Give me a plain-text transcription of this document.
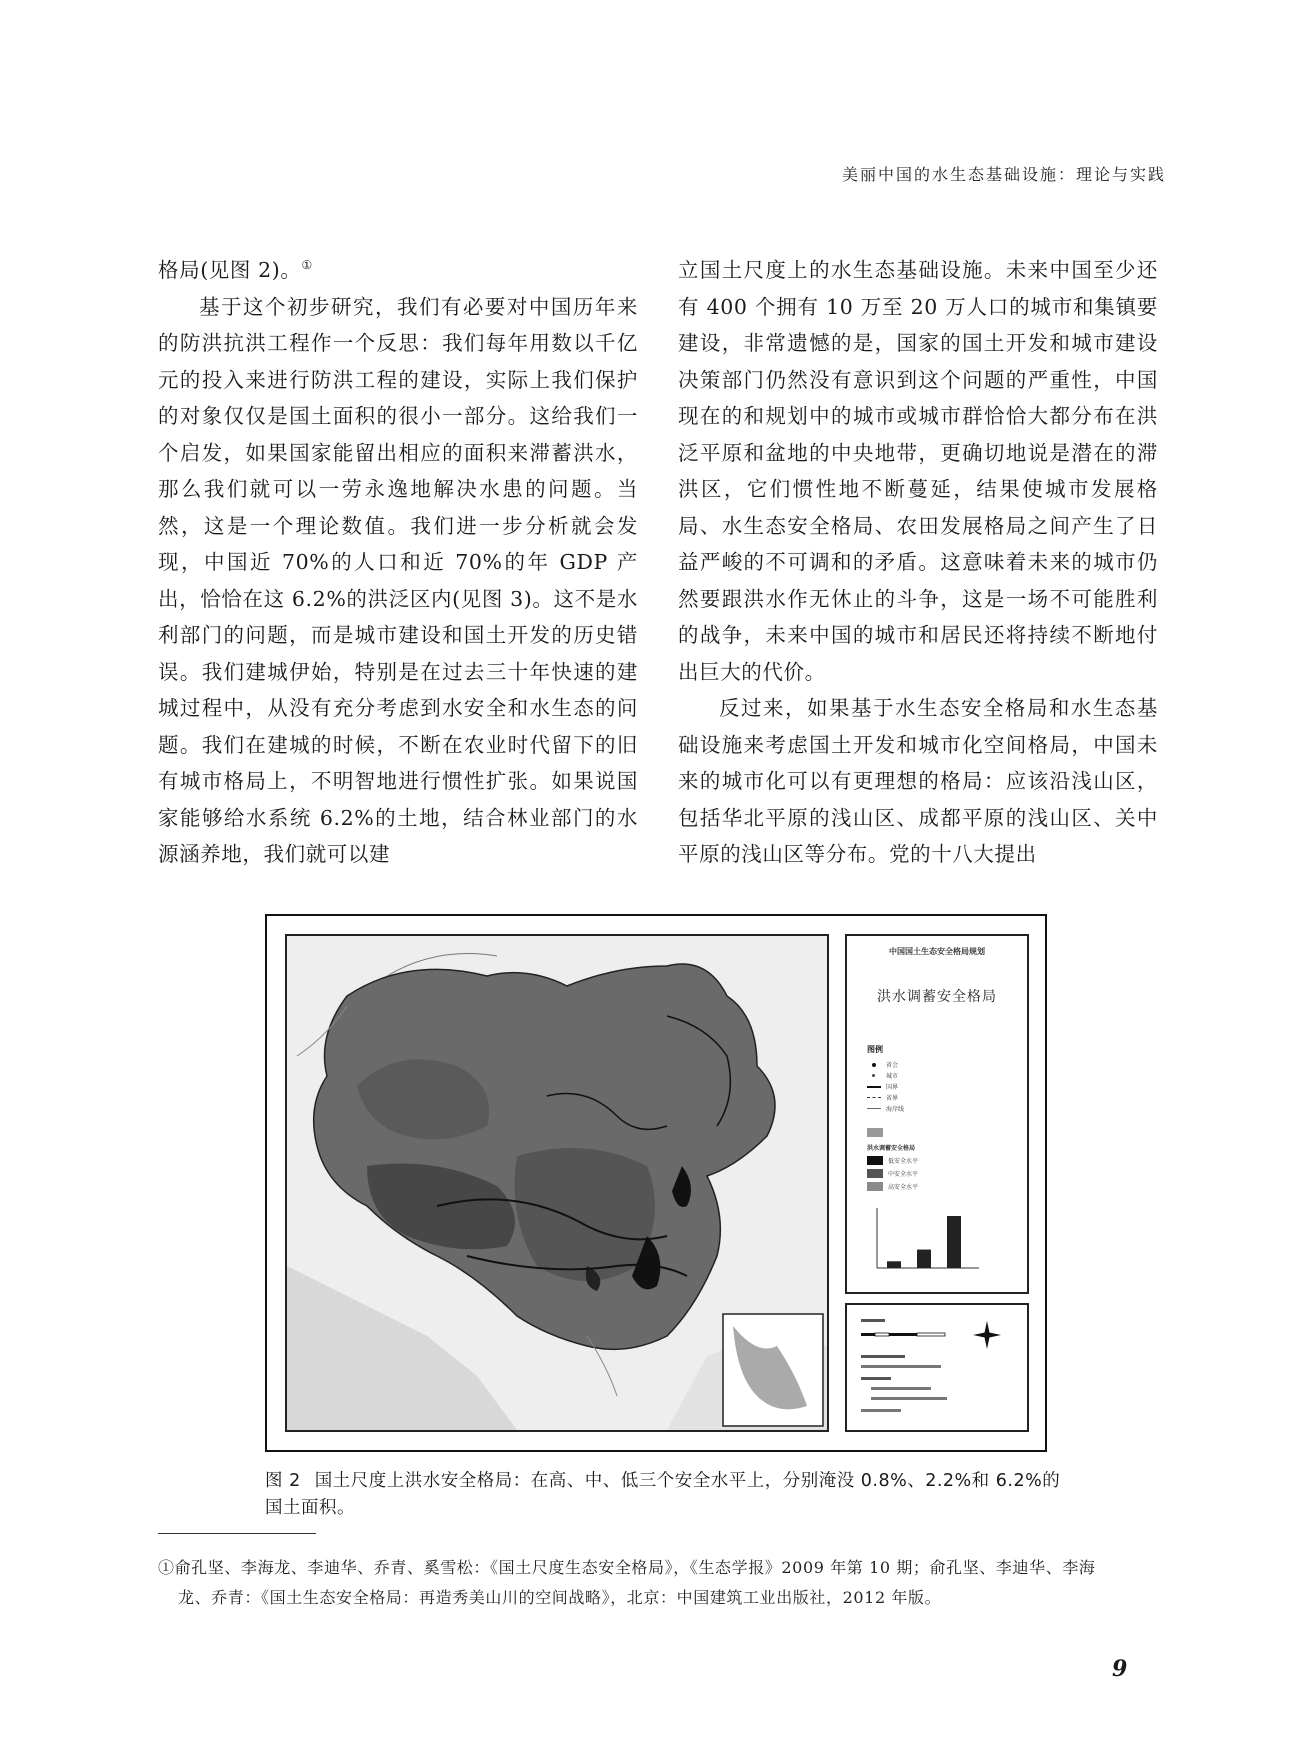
美丽中国的水生态基础设施：理论与实践

格局(见图 2)。①

基于这个初步研究，我们有必要对中国历年来的防洪抗洪工程作一个反思：我们每年用数以千亿元的投入来进行防洪工程的建设，实际上我们保护的对象仅仅是国土面积的很小一部分。这给我们一个启发，如果国家能留出相应的面积来滞蓄洪水，那么我们就可以一劳永逸地解决水患的问题。当然，这是一个理论数值。我们进一步分析就会发现，中国近 70%的人口和近 70%的年 GDP 产出，恰恰在这 6.2%的洪泛区内(见图 3)。这不是水利部门的问题，而是城市建设和国土开发的历史错误。我们建城伊始，特别是在过去三十年快速的建城过程中，从没有充分考虑到水安全和水生态的问题。我们在建城的时候，不断在农业时代留下的旧有城市格局上，不明智地进行惯性扩张。如果说国家能够给水系统 6.2%的土地，结合林业部门的水源涵养地，我们就可以建

立国土尺度上的水生态基础设施。未来中国至少还有 400 个拥有 10 万至 20 万人口的城市和集镇要建设，非常遗憾的是，国家的国土开发和城市建设决策部门仍然没有意识到这个问题的严重性，中国现在的和规划中的城市或城市群恰恰大都分布在洪泛平原和盆地的中央地带，更确切地说是潜在的滞洪区，它们惯性地不断蔓延，结果使城市发展格局、水生态安全格局、农田发展格局之间产生了日益严峻的不可调和的矛盾。这意味着未来的城市仍然要跟洪水作无休止的斗争，这是一场不可能胜利的战争，未来中国的城市和居民还将持续不断地付出巨大的代价。

反过来，如果基于水生态安全格局和水生态基础设施来考虑国土开发和城市化空间格局，中国未来的城市化可以有更理想的格局：应该沿浅山区，包括华北平原的浅山区、成都平原的浅山区、关中平原的浅山区等分布。党的十八大提出

中国国土生态安全格局规划
洪水调蓄安全格局
图例
省会
城市
国界
省界
海岸线
洪水调蓄安全格局
低安全水平
中安全水平
高安全水平
图 2 国土尺度上洪水安全格局：在高、中、低三个安全水平上，分别淹没 0.8%、2.2%和 6.2%的国土面积。
①俞孔坚、李海龙、李迪华、乔青、奚雪松：《国土尺度生态安全格局》，《生态学报》2009 年第 10 期；俞孔坚、李迪华、李海
龙、乔青：《国土生态安全格局：再造秀美山川的空间战略》，北京：中国建筑工业出版社，2012 年版。
9
